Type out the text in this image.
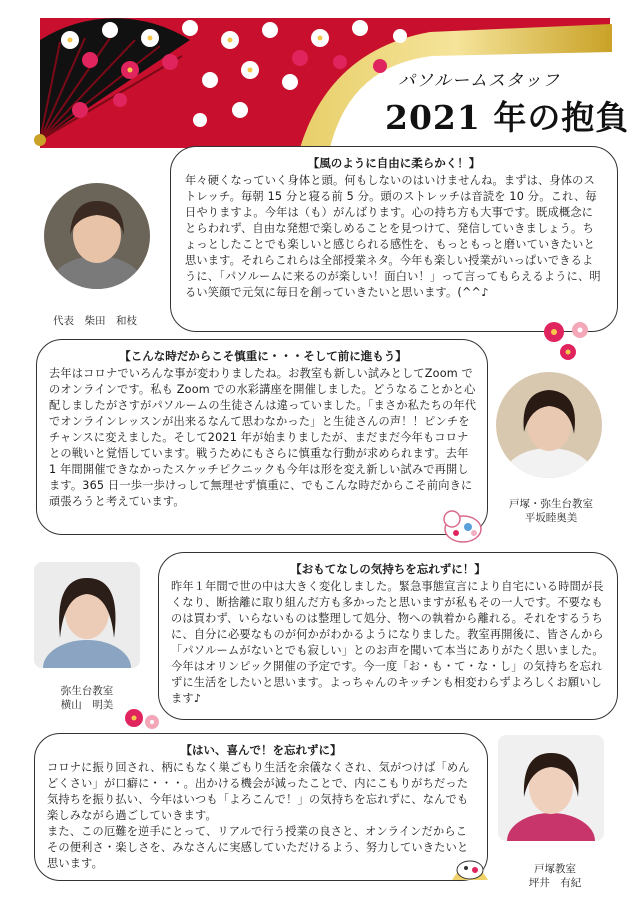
パソルームスタッフ
2021 年の抱負
【風のように自由に柔らかく！】
年々硬くなっていく身体と頭。何もしないのはいけませんね。まずは、身体のストレッチ。毎朝 15 分と寝る前 5 分。頭のストレッチは音読を 10 分。これ、毎日やりますよ。今年は（も）がんばります。心の持ち方も大事です。既成概念にとらわれず、自由な発想で楽しめることを見つけて、発信していきましょう。ちょっとしたことでも楽しいと感じられる感性を、もっともっと磨いていきたいと思います。それらこれらは全部授業ネタ。今年も楽しい授業がいっぱいできるように、「パソルームに来るのが楽しい！面白い！」って言ってもらえるように、明るい笑顔で元気に毎日を創っていきたいと思います。(^^♪
代表　柴田　和枝
【こんな時だからこそ慎重に・・・そして前に進もう】
去年はコロナでいろんな事が変わりましたね。お教室も新しい試みとしてZoom でのオンラインです。私も Zoom での水彩講座を開催しました。どうなることかと心配しましたがさすがパソルームの生徒さんは違っていました。「まさか私たちの年代でオンラインレッスンが出来るなんて思わなかった」と生徒さんの声！！ピンチをチャンスに変えました。そして2021 年が始まりましたが、まだまだ今年もコロナとの戦いと覚悟しています。戦うためにもさらに慎重な行動が求められます。去年 1 年間開催できなかったスケッチピクニックも今年は形を変え新しい試みで再開します。365 日一歩一歩けっして無理せず慎重に、でもこんな時だからこそ前向きに頑張ろうと考えています。	戸塚・弥生台教室
平坂睦奥美
【おもてなしの気持ちを忘れずに！】
昨年１年間で世の中は大きく変化しました。緊急事態宣言により自宅にいる時間が長くなり、断捨離に取り組んだ方も多かったと思いますが私もその一人です。不要なものは買わず、いらないものは整理して処分、物への執着から離れる。それをするうちに、自分に必要なものが何かがわかるようになりました。教室再開後に、皆さんから「パソルームがないとでも寂しい」とのお声を聞いて本当にありがたく思いました。今年はオリンピック開催の予定です。今一度「お・も・て・な・し」の気持ちを忘れずに生活をしたいと思います。よっちゃんのキッチンも相変わらずよろしくお願いします♪
弥生台教室
横山　明美
【はい、喜んで！を忘れずに】
コロナに振り回され、柄にもなく巣ごもり生活を余儀なくされ、気がつけば「めんどくさい」が口癖に・・・。出かける機会が減ったことで、内にこもりがちだった気持ちを振り払い、今年はいつも「よろこんで！」の気持ちを忘れずに、なんでも楽しみながら過ごしていきます。
また、この厄難を逆手にとって、リアルで行う授業の良さと、オンラインだからこその便利さ・楽しさを、みなさんに実感していただけるよう、努力していきたいと思います。	戸塚教室
坪井　有紀
